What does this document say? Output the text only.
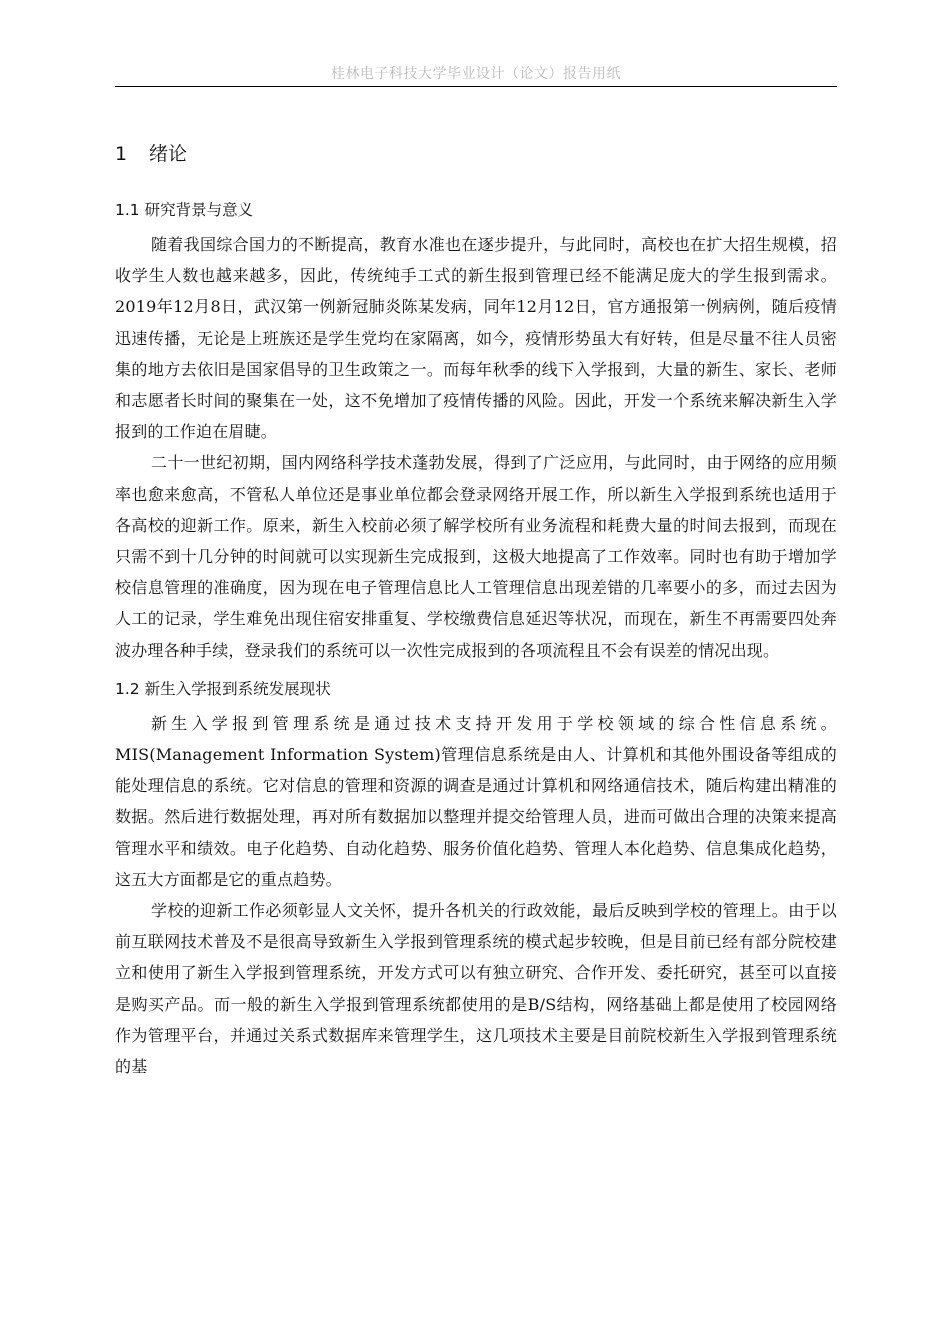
桂林电子科技大学毕业设计（论文）报告用纸
1 绪论
1.1 研究背景与意义

随着我国综合国力的不断提高，教育水准也在逐步提升，与此同时，高校也在扩大招生规模，招收学生人数也越来越多，因此，传统纯手工式的新生报到管理已经不能满足庞大的学生报到需求。2019年12月8日，武汉第一例新冠肺炎陈某发病，同年12月12日，官方通报第一例病例，随后疫情迅速传播，无论是上班族还是学生党均在家隔离，如今，疫情形势虽大有好转，但是尽量不往人员密集的地方去依旧是国家倡导的卫生政策之一。而每年秋季的线下入学报到，大量的新生、家长、老师和志愿者长时间的聚集在一处，这不免增加了疫情传播的风险。因此，开发一个系统来解决新生入学报到的工作迫在眉睫。

二十一世纪初期，国内网络科学技术蓬勃发展，得到了广泛应用，与此同时，由于网络的应用频率也愈来愈高，不管私人单位还是事业单位都会登录网络开展工作，所以新生入学报到系统也适用于各高校的迎新工作。原来，新生入校前必须了解学校所有业务流程和耗费大量的时间去报到，而现在只需不到十几分钟的时间就可以实现新生完成报到，这极大地提高了工作效率。同时也有助于增加学校信息管理的准确度，因为现在电子管理信息比人工管理信息出现差错的几率要小的多，而过去因为人工的记录，学生难免出现住宿安排重复、学校缴费信息延迟等状况，而现在，新生不再需要四处奔波办理各种手续，登录我们的系统可以一次性完成报到的各项流程且不会有误差的情况出现。

1.2 新生入学报到系统发展现状

新生入学报到管理系统是通过技术支持开发用于学校领域的综合性信息系统。MIS(Management Information System)管理信息系统是由人、计算机和其他外围设备等组成的能处理信息的系统。它对信息的管理和资源的调查是通过计算机和网络通信技术，随后构建出精准的数据。然后进行数据处理，再对所有数据加以整理并提交给管理人员，进而可做出合理的决策来提高管理水平和绩效。电子化趋势、自动化趋势、服务价值化趋势、管理人本化趋势、信息集成化趋势，这五大方面都是它的重点趋势。

学校的迎新工作必须彰显人文关怀，提升各机关的行政效能，最后反映到学校的管理上。由于以前互联网技术普及不是很高导致新生入学报到管理系统的模式起步较晚，但是目前已经有部分院校建立和使用了新生入学报到管理系统，开发方式可以有独立研究、合作开发、委托研究，甚至可以直接是购买产品。而一般的新生入学报到管理系统都使用的是B/S结构，网络基础上都是使用了校园网络作为管理平台，并通过关系式数据库来管理学生，这几项技术主要是目前院校新生入学报到管理系统的基
